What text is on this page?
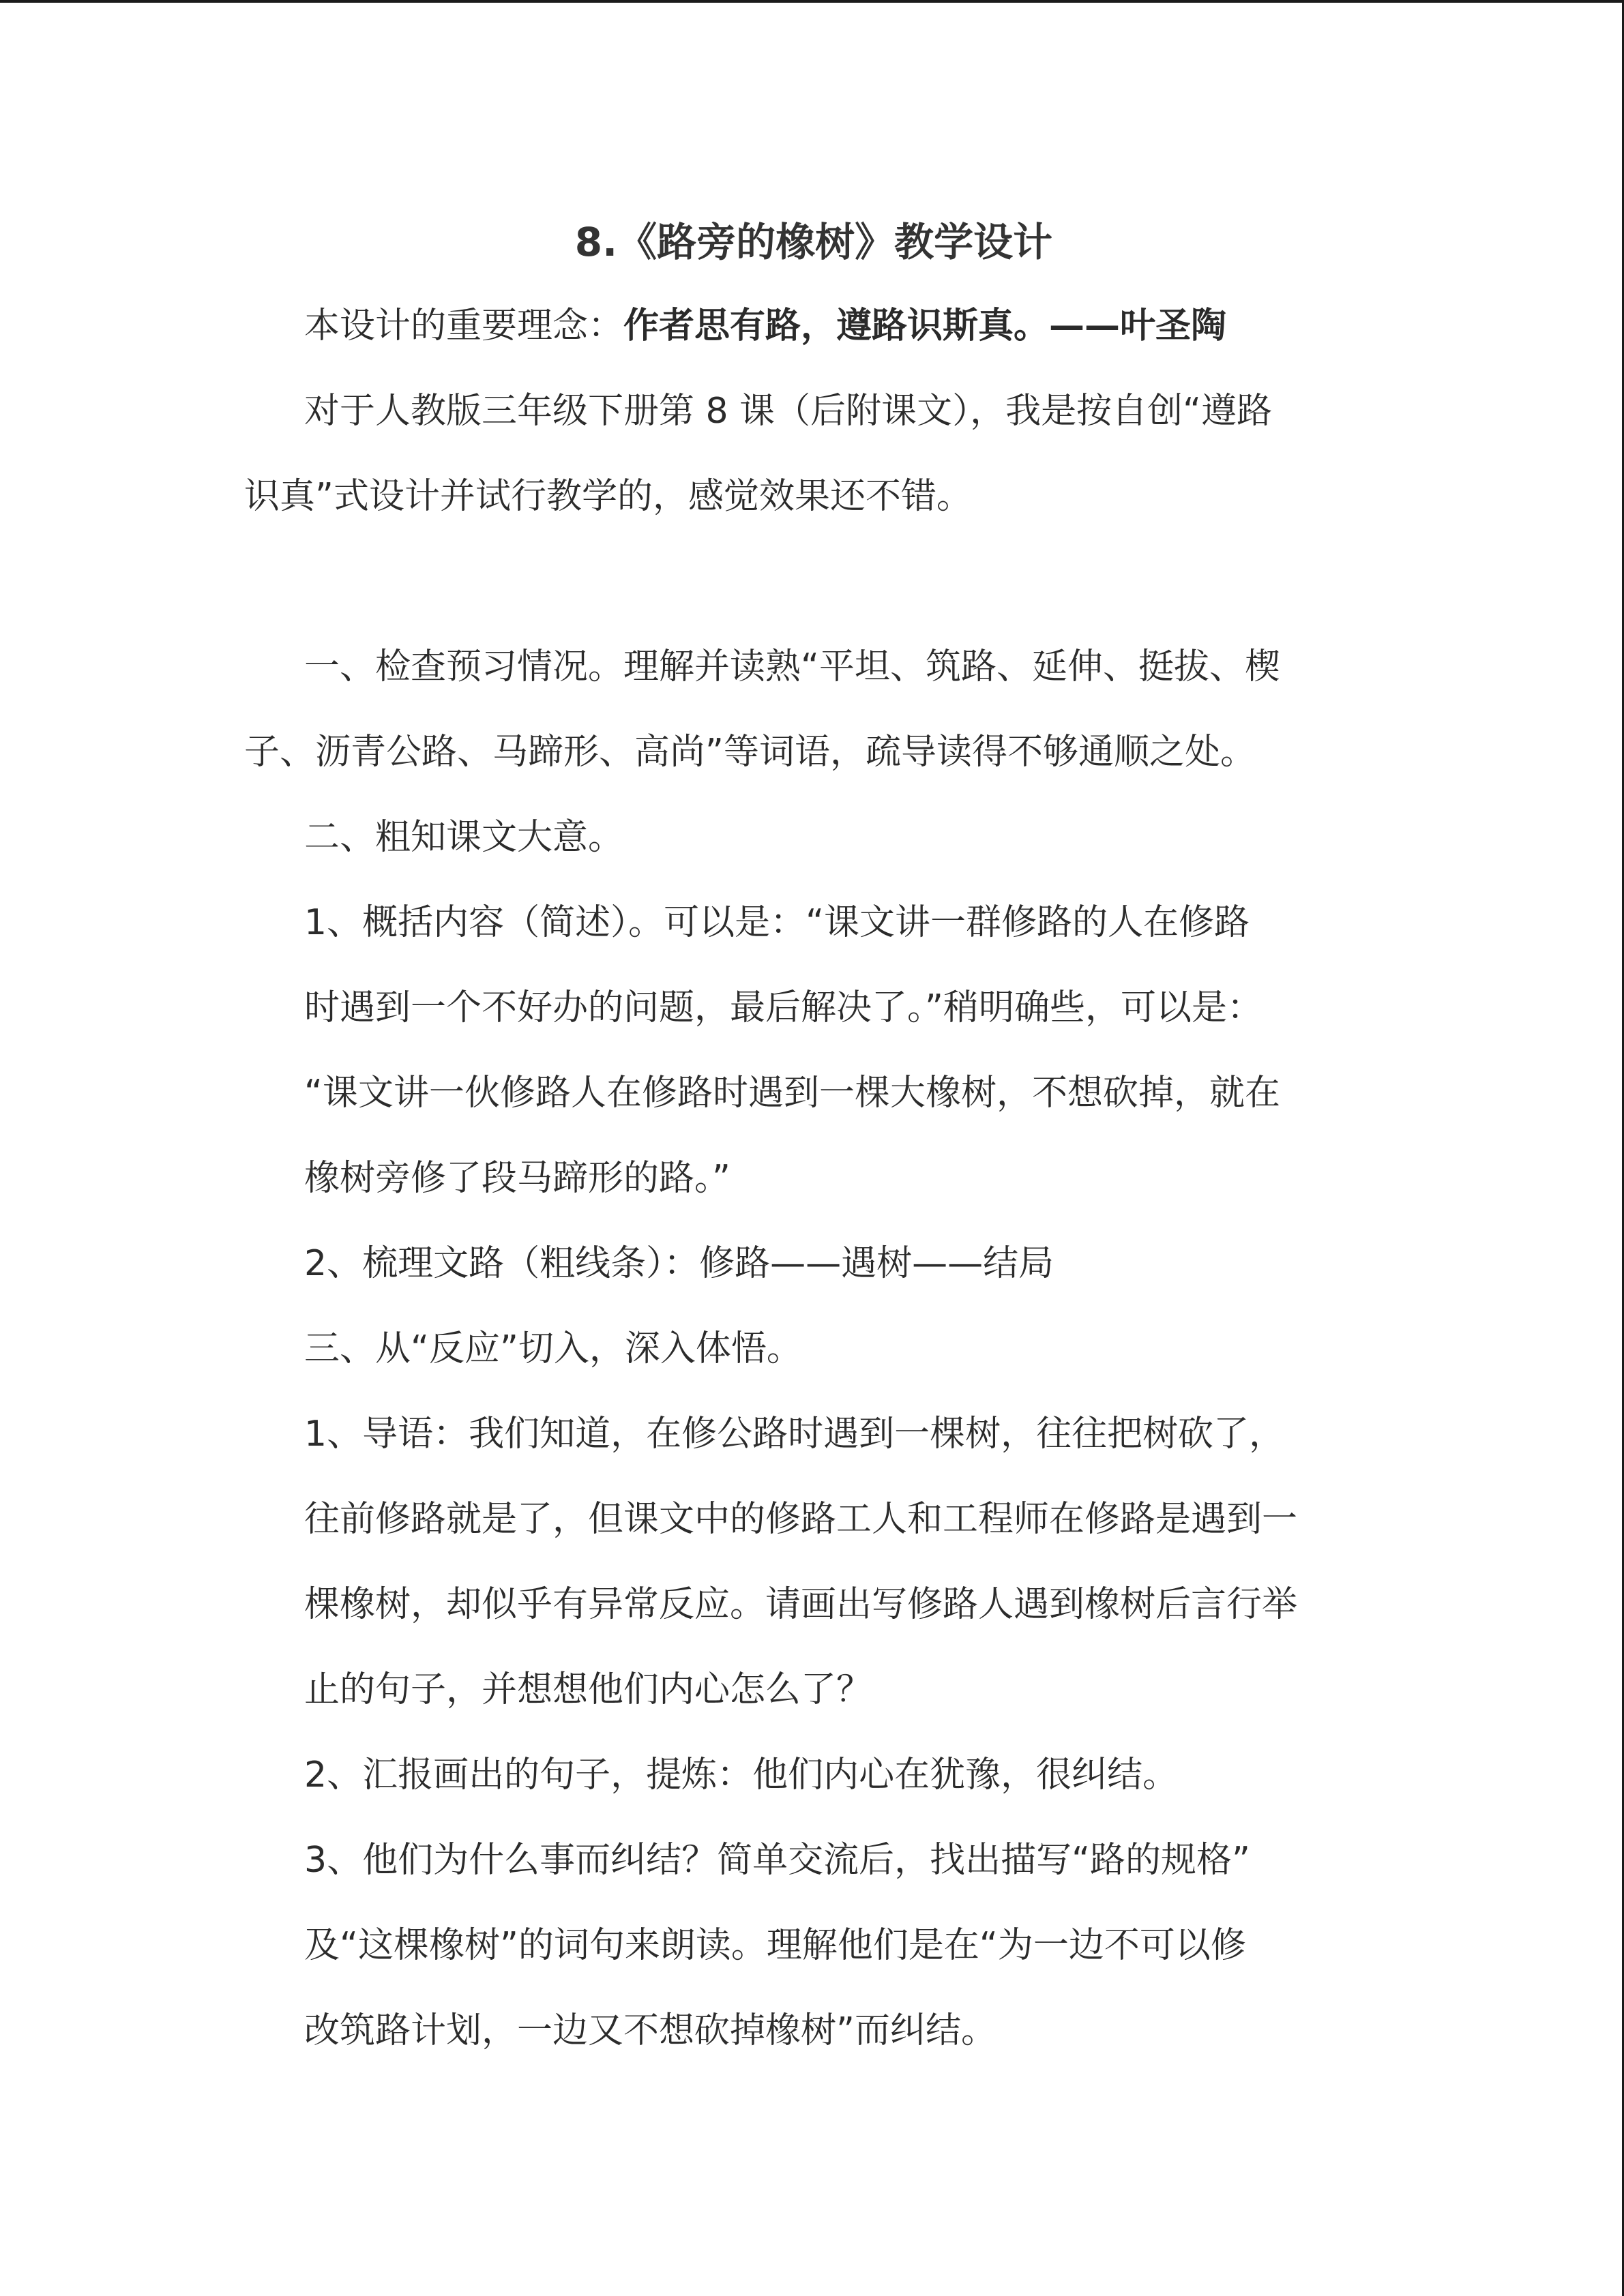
8.《路旁的橡树》教学设计

本设计的重要理念：作者思有路，遵路识斯真。——叶圣陶

对于人教版三年级下册第 8 课（后附课文），我是按自创“遵路

识真”式设计并试行教学的，感觉效果还不错。

一、检查预习情况。理解并读熟“平坦、筑路、延伸、挺拔、楔

子、沥青公路、马蹄形、高尚”等词语，疏导读得不够通顺之处。

二、粗知课文大意。

1、概括内容（简述）。可以是：“课文讲一群修路的人在修路

时遇到一个不好办的问题，最后解决了。”稍明确些，可以是：

“课文讲一伙修路人在修路时遇到一棵大橡树，不想砍掉，就在

橡树旁修了段马蹄形的路。”

2、梳理文路（粗线条）：修路——遇树——结局

三、从“反应”切入，深入体悟。

1、导语：我们知道，在修公路时遇到一棵树，往往把树砍了，

往前修路就是了，但课文中的修路工人和工程师在修路是遇到一

棵橡树，却似乎有异常反应。请画出写修路人遇到橡树后言行举

止的句子，并想想他们内心怎么了？

2、汇报画出的句子，提炼：他们内心在犹豫，很纠结。

3、他们为什么事而纠结？简单交流后，找出描写“路的规格”

及“这棵橡树”的词句来朗读。理解他们是在“为一边不可以修

改筑路计划，一边又不想砍掉橡树”而纠结。
